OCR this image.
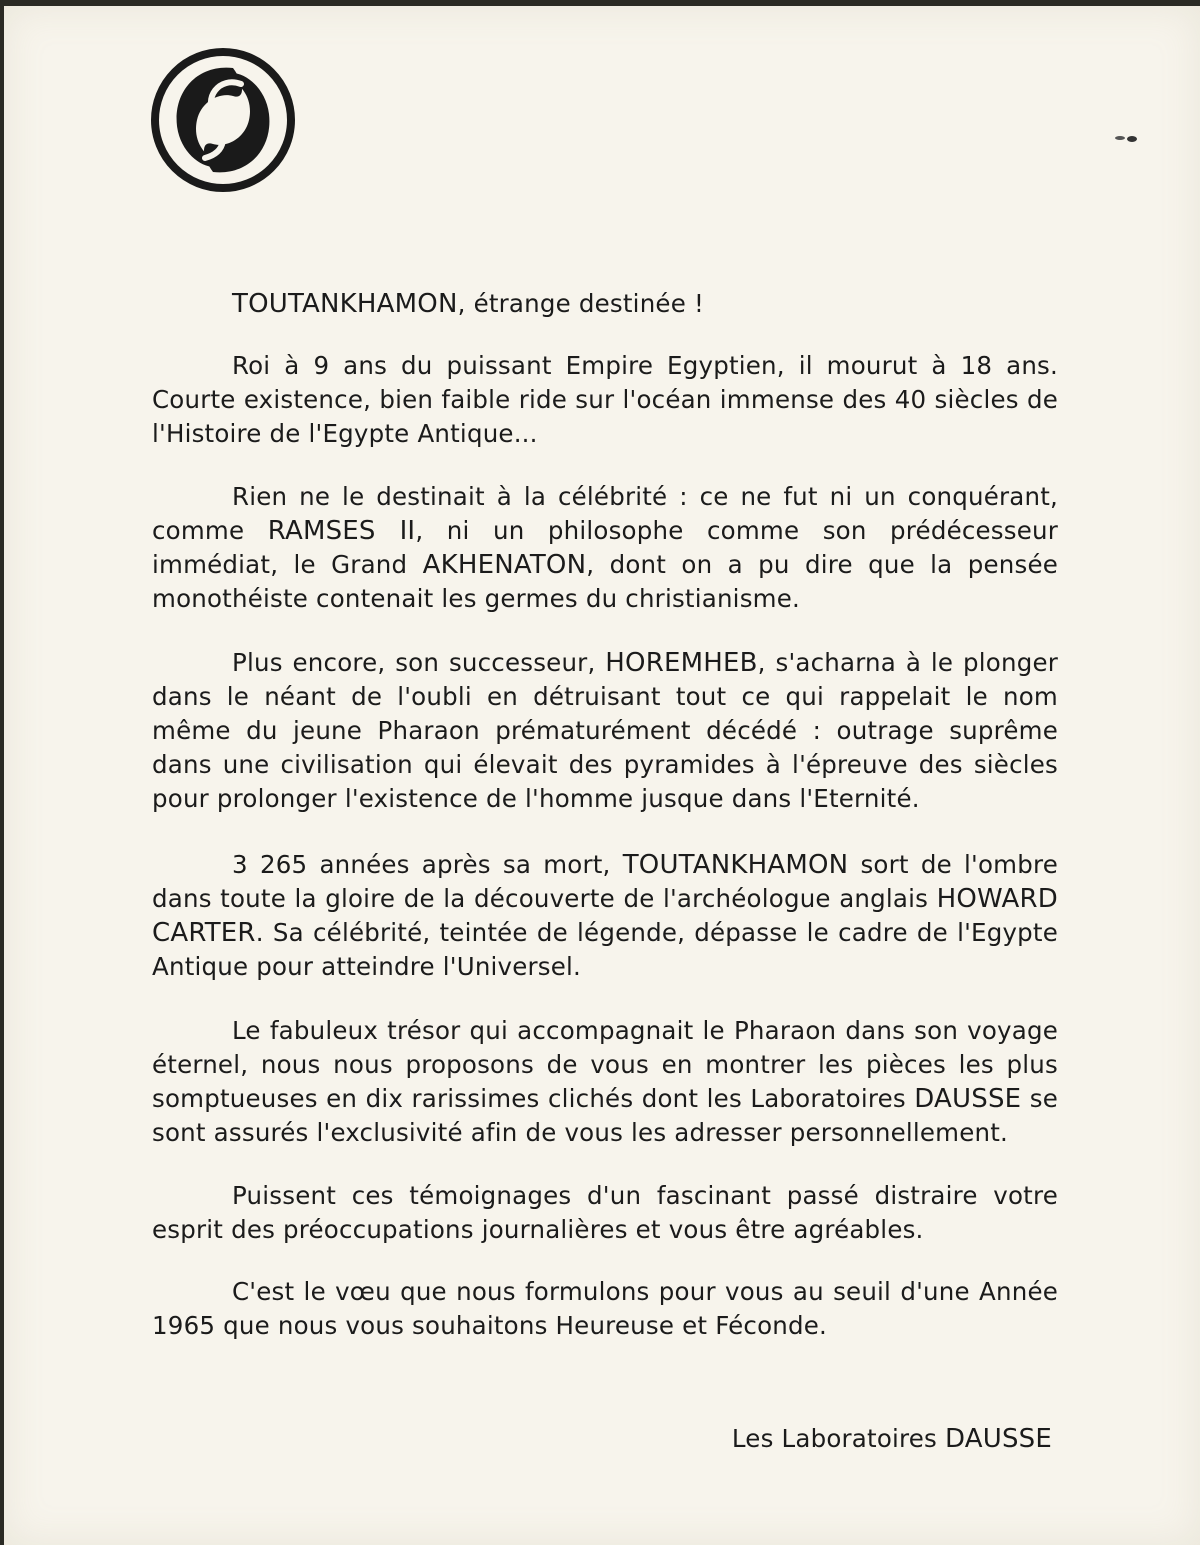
TOUTANKHAMON, étrange destinée !
Roi à 9 ans du puissant Empire Egyptien, il mourut à 18 ans. Courte existence, bien faible ride sur l'océan immense des 40 siècles de l'Histoire de l'Egypte Antique...
Rien ne le destinait à la célébrité : ce ne fut ni un conquérant, comme RAMSES II, ni un philosophe comme son prédécesseur immédiat, le Grand AKHENATON, dont on a pu dire que la pensée monothéiste contenait les germes du christianisme.
Plus encore, son successeur, HOREMHEB, s'acharna à le plonger dans le néant de l'oubli en détruisant tout ce qui rappelait le nom même du jeune Pharaon prématurément décédé : outrage suprême dans une civilisation qui élevait des pyramides à l'épreuve des siècles pour prolonger l'existence de l'homme jusque dans l'Eternité.
3 265 années après sa mort, TOUTANKHAMON sort de l'ombre dans toute la gloire de la découverte de l'archéologue anglais HOWARD CARTER. Sa célébrité, teintée de légende, dépasse le cadre de l'Egypte Antique pour atteindre l'Universel.
Le fabuleux trésor qui accompagnait le Pharaon dans son voyage éternel, nous nous proposons de vous en montrer les pièces les plus somptueuses en dix rarissimes clichés dont les Laboratoires DAUSSE se sont assurés l'exclusivité afin de vous les adresser personnellement.
Puissent ces témoignages d'un fascinant passé distraire votre esprit des préoccupations journalières et vous être agréables.
C'est le vœu que nous formulons pour vous au seuil d'une Année 1965 que nous vous souhaitons Heureuse et Féconde.
Les Laboratoires DAUSSE
